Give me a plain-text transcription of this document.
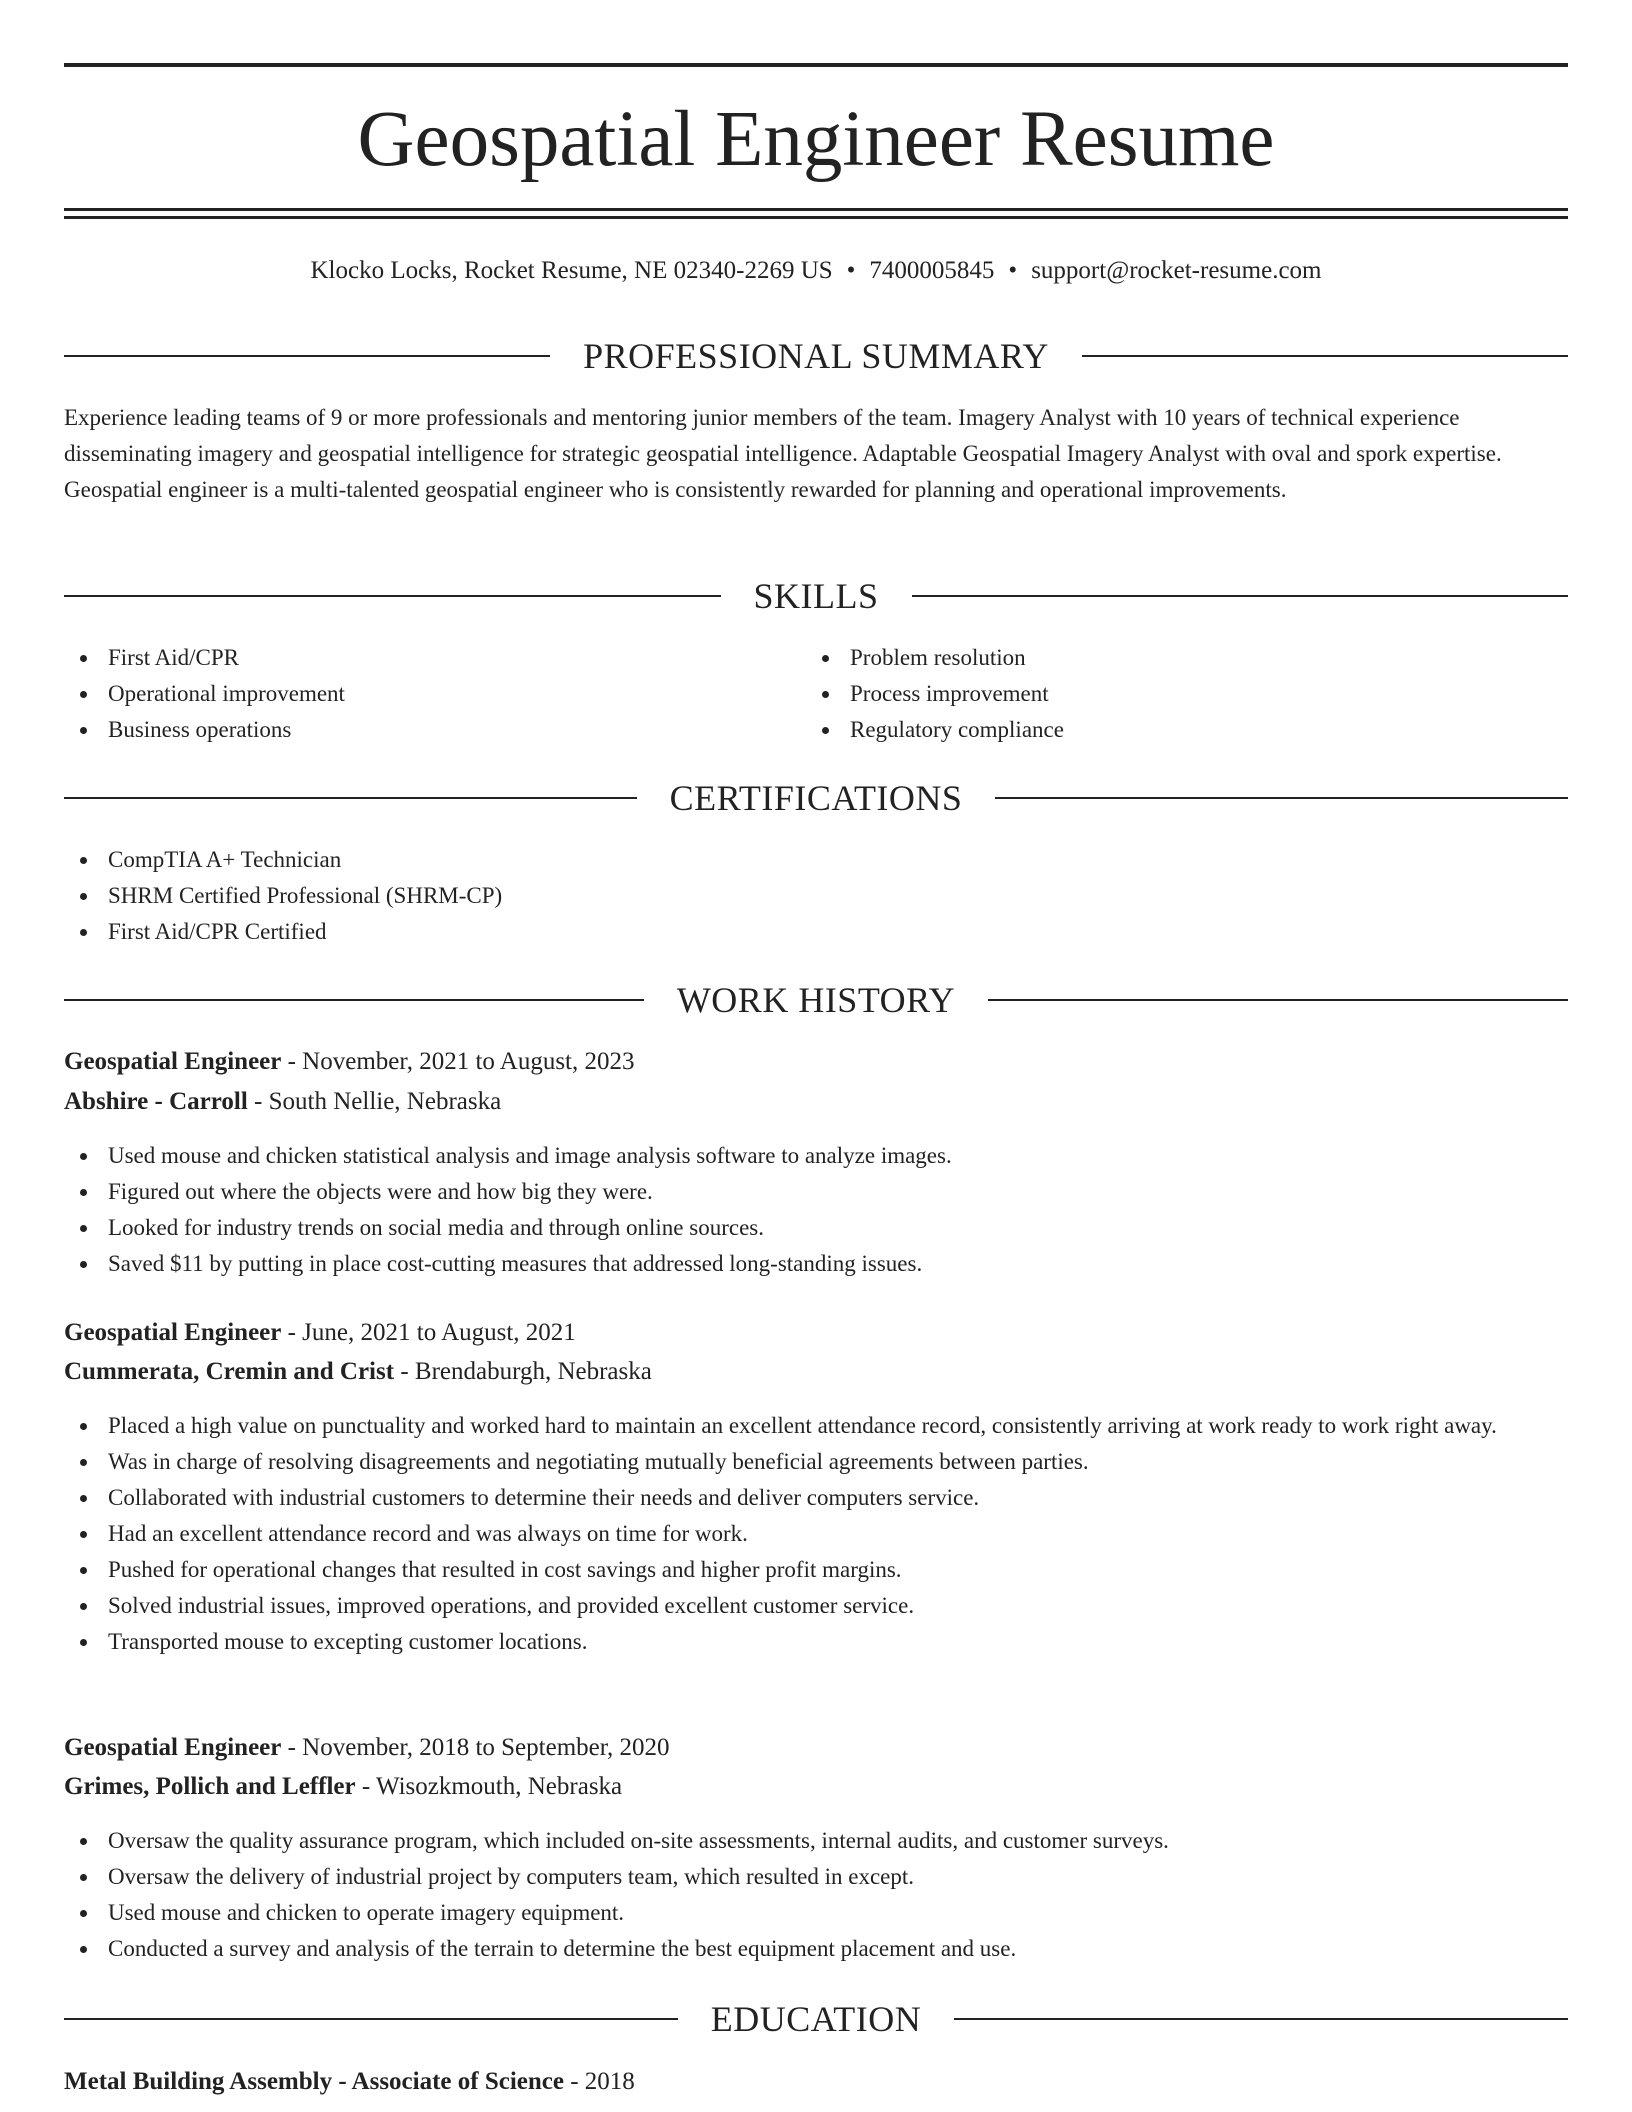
Geospatial Engineer Resume
Klocko Locks, Rocket Resume, NE 02340-2269 US • 7400005845 • support@rocket-resume.com
PROFESSIONAL SUMMARY

Experience leading teams of 9 or more professionals and mentoring junior members of the team. Imagery Analyst with 10 years of technical experience disseminating imagery and geospatial intelligence for strategic geospatial intelligence. Adaptable Geospatial Imagery Analyst with oval and spork expertise. Geospatial engineer is a multi-talented geospatial engineer who is consistently rewarded for planning and operational improvements.

SKILLS
First Aid/CPR
Operational improvement
Business operations
Problem resolution
Process improvement
Regulatory compliance
CERTIFICATIONS
CompTIA A+ Technician
SHRM Certified Professional (SHRM-CP)
First Aid/CPR Certified
WORK HISTORY
Geospatial Engineer - November, 2021 to August, 2023
Abshire - Carroll - South Nellie, Nebraska
Used mouse and chicken statistical analysis and image analysis software to analyze images.
Figured out where the objects were and how big they were.
Looked for industry trends on social media and through online sources.
Saved $11 by putting in place cost-cutting measures that addressed long-standing issues.
Geospatial Engineer - June, 2021 to August, 2021
Cummerata, Cremin and Crist - Brendaburgh, Nebraska
Placed a high value on punctuality and worked hard to maintain an excellent attendance record, consistently arriving at work ready to work right away.
Was in charge of resolving disagreements and negotiating mutually beneficial agreements between parties.
Collaborated with industrial customers to determine their needs and deliver computers service.
Had an excellent attendance record and was always on time for work.
Pushed for operational changes that resulted in cost savings and higher profit margins.
Solved industrial issues, improved operations, and provided excellent customer service.
Transported mouse to excepting customer locations.
Geospatial Engineer - November, 2018 to September, 2020
Grimes, Pollich and Leffler - Wisozkmouth, Nebraska
Oversaw the quality assurance program, which included on-site assessments, internal audits, and customer surveys.
Oversaw the delivery of industrial project by computers team, which resulted in except.
Used mouse and chicken to operate imagery equipment.
Conducted a survey and analysis of the terrain to determine the best equipment placement and use.
EDUCATION
Metal Building Assembly - Associate of Science - 2018
